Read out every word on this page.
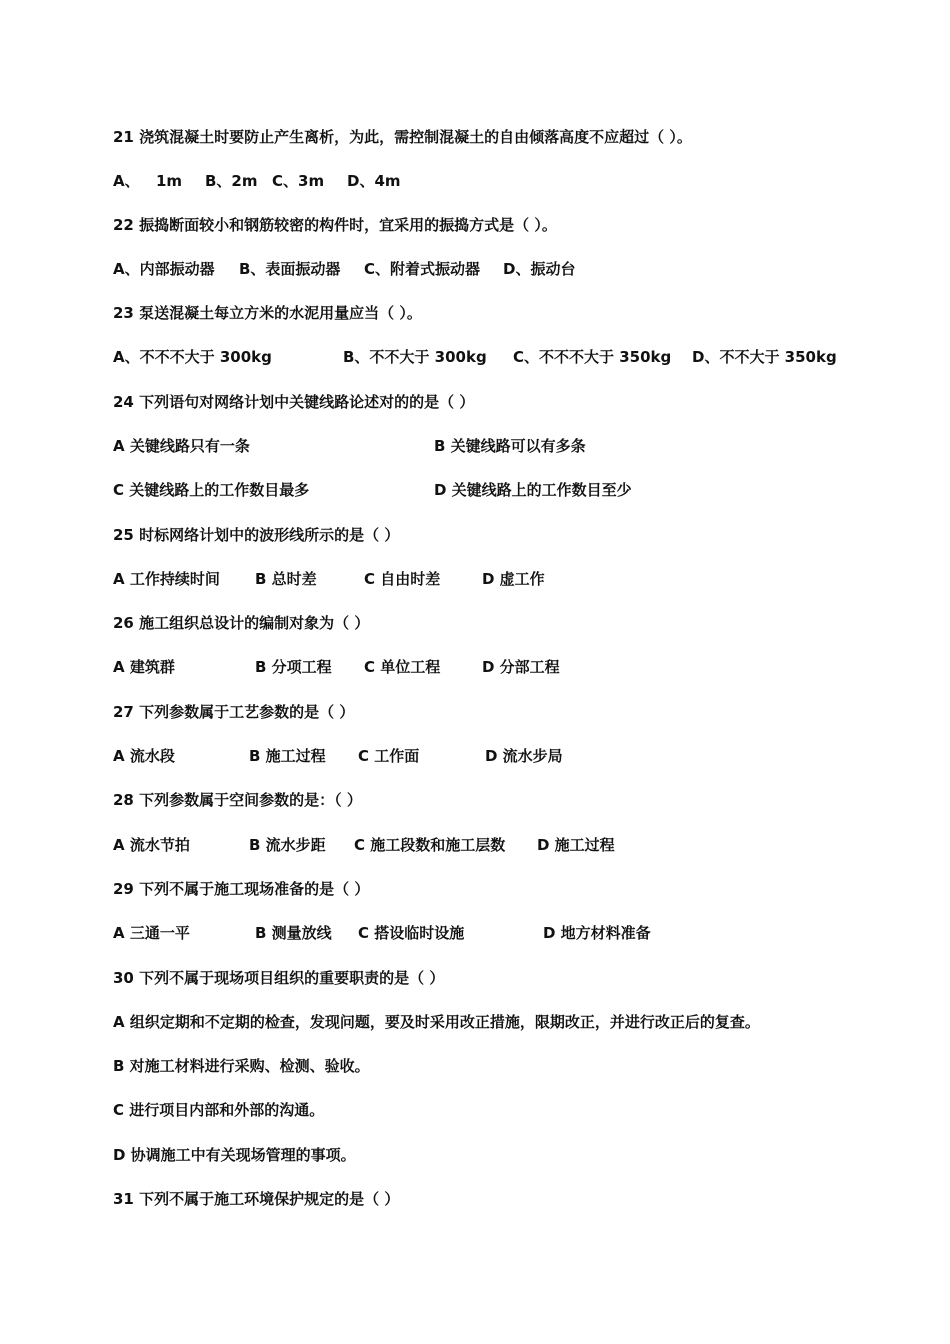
21 浇筑混凝土时要防止产生离析，为此，需控制混凝土的自由倾落高度不应超过（ ）。
A、 1m B、2m C、3m D、4m
22 振捣断面较小和钢筋较密的构件时，宜采用的振捣方式是（ ）。
A、内部振动器 B、表面振动器 C、附着式振动器 D、振动台
23 泵送混凝土每立方米的水泥用量应当（ ）。
A、不不不大于 300kg	B、不不大于 300kg C、不不不大于 350kg D、不不大于 350kg
24 下列语句对网络计划中关键线路论述对的的是（ ）
A 关键线路只有一条	B 关键线路可以有多条
C 关键线路上的工作数目最多	D 关键线路上的工作数目至少
25 时标网络计划中的波形线所示的是（ ）
A 工作持续时间 B 总时差	C 自由时差	D 虚工作
26 施工组织总设计的编制对象为（ ）
A 建筑群	B 分项工程 C 单位工程	D 分部工程
27 下列参数属于工艺参数的是（ ）
A 流水段	B 施工过程 C 工作面	D 流水步局
28 下列参数属于空间参数的是：（ ）
A 流水节拍	B 流水步距 C 施工段数和施工层数 D 施工过程
29 下列不属于施工现场准备的是（ ）
A 三通一平	B 测量放线 C 搭设临时设施	D 地方材料准备
30 下列不属于现场项目组织的重要职责的是（ ）
A 组织定期和不定期的检查，发现问题，要及时采用改正措施，限期改正，并进行改正后的复查。
B 对施工材料进行采购、检测、验收。
C 进行项目内部和外部的沟通。
D 协调施工中有关现场管理的事项。
31 下列不属于施工环境保护规定的是（ ）
